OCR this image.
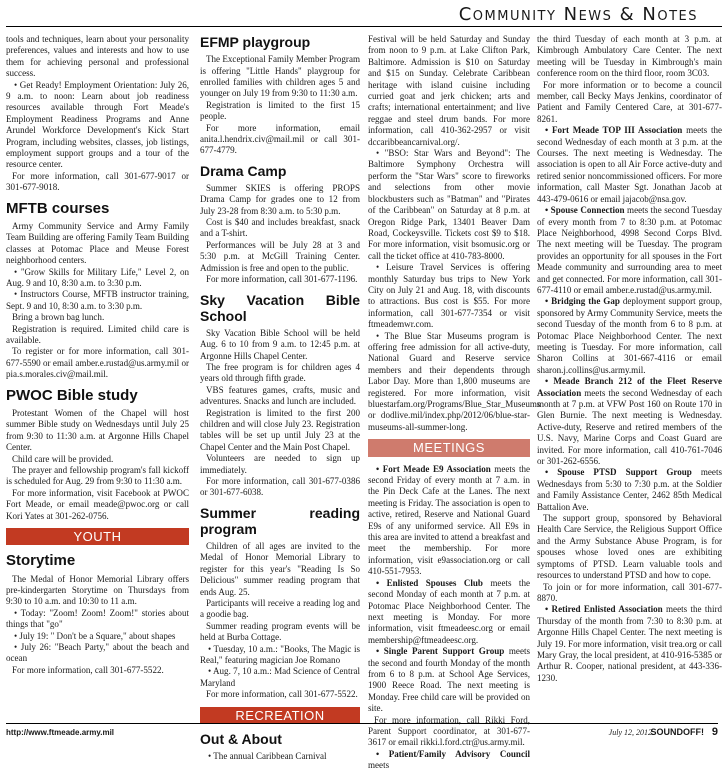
Community News & Notes

tools and techniques, learn about your personality preferences, values and interests and how to use them for achieving personal and professional success.

• Get Ready! Employment Orientation: July 26, 9 a.m. to noon: Learn about job readiness resources available through Fort Meade's Employment Readiness Programs and Anne Arundel Workforce Development's Kick Start Program, including websites, classes, job listings, employment support groups and a tour of the resource center.

For more information, call 301-677-9017 or 301-677-9018.

MFTB courses

Army Community Service and Army Family Team Building are offering Family Team Building classes at Potomac Place and Meuse Forest neighborhood centers.

• "Grow Skills for Military Life," Level 2, on Aug. 9 and 10, 8:30 a.m. to 3:30 p.m.

• Instructors Course, MFTB instructor training, Sept. 9 and 10, 8:30 a.m. to 3:30 p.m.

Bring a brown bag lunch.

Registration is required. Limited child care is available.

To register or for more information, call 301-677-5590 or email amber.e.rustad@us.army.mil or pia.s.morales.civ@mail.mil.

PWOC Bible study

Protestant Women of the Chapel will host summer Bible study on Wednesdays until July 25 from 9:30 to 11:30 a.m. at Argonne Hills Chapel Center.

Child care will be provided.

The prayer and fellowship program's fall kickoff is scheduled for Aug. 29 from 9:30 to 11:30 a.m.

For more information, visit Facebook at PWOC Fort Meade, or email meade@pwoc.org or call Kori Yates at 301-262-0756.

YOUTH
Storytime

The Medal of Honor Memorial Library offers pre-kindergarten Storytime on Thursdays from 9:30 to 10 a.m. and 10:30 to 11 a.m.

• Today: "Zoom! Zoom! Zoom!" stories about things that "go"

• July 19: " Don't be a Square," about shapes

• July 26: "Beach Party," about the beach and ocean

For more information, call 301-677-5522.

EFMP playgroup

The Exceptional Family Member Program is offering "Little Hands" playgroup for enrolled families with children ages 5 and younger on July 19 from 9:30 to 11:30 a.m.

Registration is limited to the first 15 people.

For more information, email anita.l.hendrix.civ@mail.mil or call 301-677-4779.

Drama Camp

Summer SKIES is offering PROPS Drama Camp for grades one to 12 from July 23-28 from 8:30 a.m. to 5:30 p.m.

Cost is $40 and includes breakfast, snack and a T-shirt.

Performances will be July 28 at 3 and 5:30 p.m. at McGill Training Center. Admission is free and open to the public.

For more information, call 301-677-1196.

Sky Vacation Bible School

Sky Vacation Bible School will be held Aug. 6 to 10 from 9 a.m. to 12:45 p.m. at Argonne Hills Chapel Center.

The free program is for children ages 4 years old through fifth grade.

VBS features games, crafts, music and adventures. Snacks and lunch are included.

Registration is limited to the first 200 children and will close July 23. Registration tables will be set up until July 23 at the Chapel Center and the Main Post Chapel.

Volunteers are needed to sign up immediately.

For more information, call 301-677-0386 or 301-677-6038.

Summer reading program

Children of all ages are invited to the Medal of Honor Memorial Library to register for this year's "Reading Is So Delicious" summer reading program that ends Aug. 25.

Participants will receive a reading log and a goodie bag.

Summer reading program events will be held at Burba Cottage.

• Tuesday, 10 a.m.: "Books, The Magic is Real," featuring magician Joe Romano

• Aug. 7, 10 a.m.: Mad Science of Central Maryland

For more information, call 301-677-5522.

RECREATION
Out & About

• The annual Caribbean Carnival

Festival will be held Saturday and Sunday from noon to 9 p.m. at Lake Clifton Park, Baltimore. Admission is $10 on Saturday and $15 on Sunday. Celebrate Caribbean heritage with island cuisine including curried goat and jerk chicken; arts and crafts; international entertainment; and live reggae and steel drum bands. For more information, call 410-362-2957 or visit dccaribbeancarnival.org/.

• "BSO: Star Wars and Beyond": The Baltimore Symphony Orchestra will perform the "Star Wars" score to fireworks and selections from other movie blockbusters such as "Batman" and "Pirates of the Caribbean" on Saturday at 8 p.m. at Oregon Ridge Park, 13401 Beaver Dam Road, Cockeysville. Tickets cost $9 to $18. For more information, visit bsomusic.org or call the ticket office at 410-783-8000.

• Leisure Travel Services is offering monthly Saturday bus trips to New York City on July 21 and Aug. 18, with discounts to attractions. Bus cost is $55. For more information, call 301-677-7354 or visit ftmeademwr.com.

• The Blue Star Museums program is offering free admission for all active-duty, National Guard and Reserve service members and their dependents through Labor Day. More than 1,800 museums are registered. For more information, visit bluestarfam.org/Programs/Blue_Star_Museums or dodlive.mil/index.php/2012/06/blue-star-museums-all-summer-long.

MEETINGS

• Fort Meade E9 Association meets the second Friday of every month at 7 a.m. in the Pin Deck Cafe at the Lanes. The next meeting is Friday. The association is open to active, retired, Reserve and National Guard E9s of any uniformed service. All E9s in this area are invited to attend a breakfast and meet the membership. For more information, visit e9association.org or call 410-551-7953.

• Enlisted Spouses Club meets the second Monday of each month at 7 p.m. at Potomac Place Neighborhood Center. The next meeting is Monday. For more information, visit ftmeadeesc.org or email membership@ftmeadeesc.org.

• Single Parent Support Group meets the second and fourth Monday of the month from 6 to 8 p.m. at School Age Services, 1900 Reece Road. The next meeting is Monday. Free child care will be provided on site.

For more information, call Rikki Ford, Parent Support coordinator, at 301-677-3617 or email rikki.l.ford.ctr@us.army.mil.

• Patient/Family Advisory Council meets

the third Tuesday of each month at 3 p.m. at Kimbrough Ambulatory Care Center. The next meeting will be Tuesday in Kimbrough's main conference room on the third floor, room 3C03.

For more information or to become a council member, call Becky Mays Jenkins, coordinator of Patient and Family Centered Care, at 301-677-8261.

• Fort Meade TOP III Association meets the second Wednesday of each month at 3 p.m. at the Courses. The next meeting is Wednesday. The association is open to all Air Force active-duty and retired senior noncommissioned officers. For more information, call Master Sgt. Jonathan Jacob at 443-479-0616 or email jajacob@nsa.gov.

• Spouse Connection meets the second Tuesday of every month from 7 to 8:30 p.m. at Potomac Place Neighborhood, 4998 Second Corps Blvd. The next meeting will be Tuesday. The program provides an opportunity for all spouses in the Fort Meade community and surrounding area to meet and get connected. For more information, call 301-677-4110 or email amber.e.rustad@us.army.mil.

• Bridging the Gap deployment support group, sponsored by Army Community Service, meets the second Tuesday of the month from 6 to 8 p.m. at Potomac Place Neighborhood Center. The next meeting is Tuesday. For more information, call Sharon Collins at 301-667-4116 or email sharon.j.collins@us.army.mil.

• Meade Branch 212 of the Fleet Reserve Association meets the second Wednesday of each month at 7 p.m. at VFW Post 160 on Route 170 in Glen Burnie. The next meeting is Wednesday. Active-duty, Reserve and retired members of the U.S. Navy, Marine Corps and Coast Guard are invited. For more information, call 410-761-7046 or 301-262-6556.

• Spouse PTSD Support Group meets Wednesdays from 5:30 to 7:30 p.m. at the Soldier and Family Assistance Center, 2462 85th Medical Battalion Ave.

The support group, sponsored by Behavioral Health Care Service, the Religious Support Office and the Army Substance Abuse Program, is for spouses whose loved ones are exhibiting symptoms of PTSD. Learn valuable tools and resources to understand PTSD and how to cope.

To join or for more information, call 301-677-8870.

• Retired Enlisted Association meets the third Thursday of the month from 7:30 to 8:30 p.m. at Argonne Hills Chapel Center. The next meeting is July 19. For more information, visit trea.org or call Mary Gray, the local president, at 410-916-5385 or Arthur R. Cooper, national president, at 443-336-1230.

http://www.ftmeade.army.mil	July 12, 2012
SOUNDOFF! 9
